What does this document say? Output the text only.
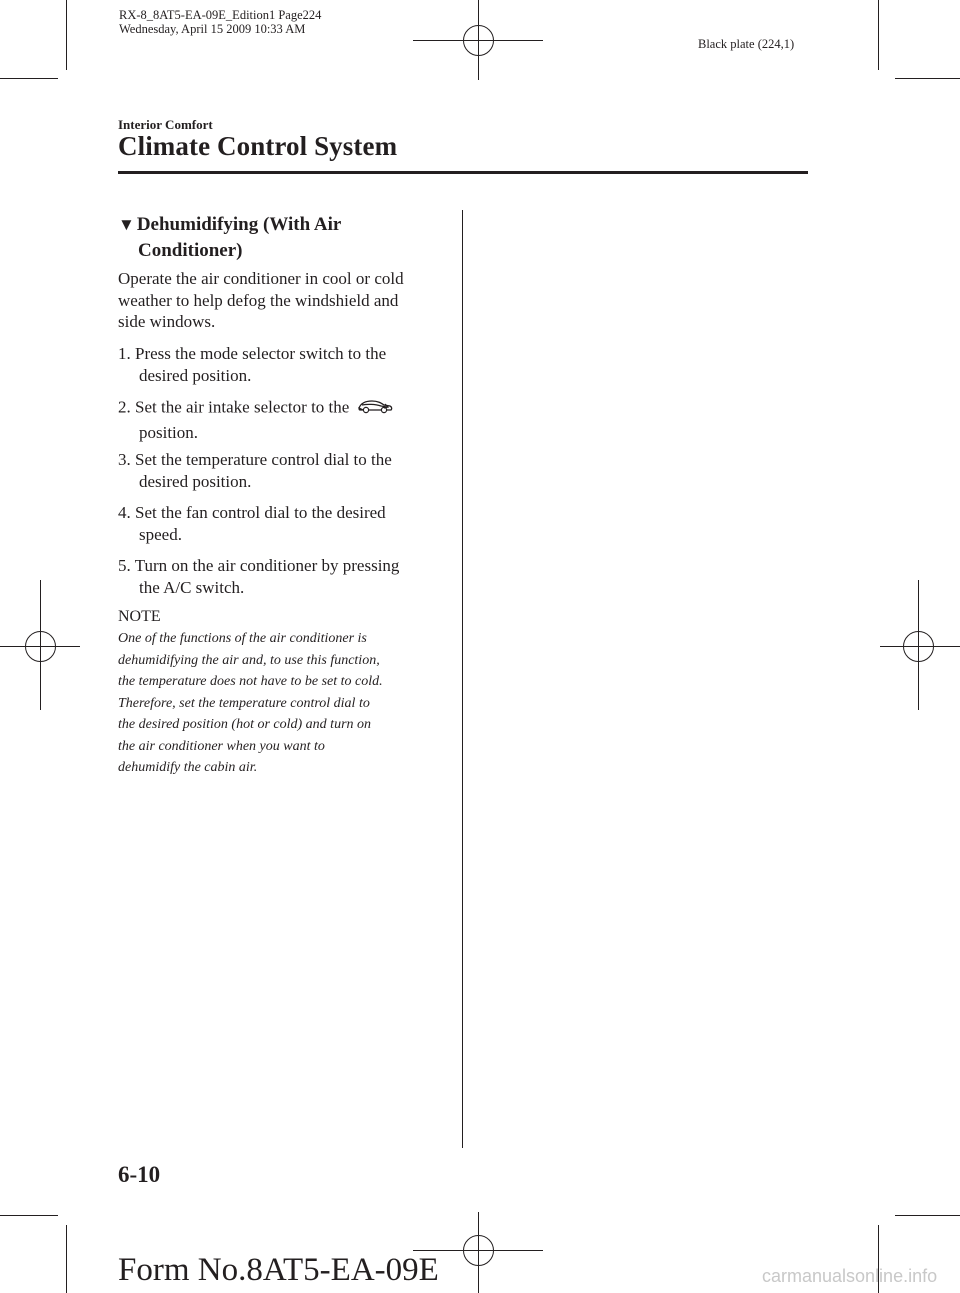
RX-8_8AT5-EA-09E_Edition1 Page224
Wednesday, April 15 2009 10:33 AM
Black plate (224,1)
Interior Comfort
Climate Control System
▼ Dehumidifying (With Air
Conditioner)
Operate the air conditioner in cool or cold
weather to help defog the windshield and
side windows.
1. Press the mode selector switch to the
desired position.
2. Set the air intake selector to the
position.
3. Set the temperature control dial to the
desired position.
4. Set the fan control dial to the desired
speed.
5. Turn on the air conditioner by pressing
the A/C switch.
NOTE
One of the functions of the air conditioner is
dehumidifying the air and, to use this function,
the temperature does not have to be set to cold.
Therefore, set the temperature control dial to
the desired position (hot or cold) and turn on
the air conditioner when you want to
dehumidify the cabin air.
6-10
Form No.8AT5-EA-09E	carmanualsonline.info
